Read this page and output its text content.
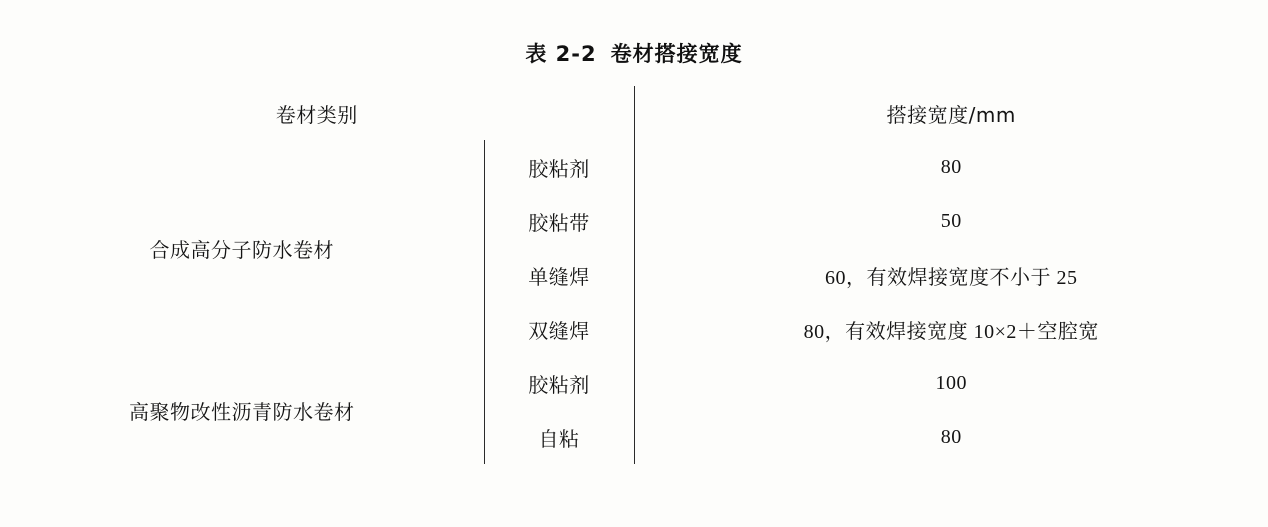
表 2-2 卷材搭接宽度
卷材类别		搭接宽度/mm
合成高分子防水卷材	胶粘剂	80
	胶粘带	50
	单缝焊	60，有效焊接宽度不小于 25
	双缝焊	80，有效焊接宽度 10×2＋空腔宽
高聚物改性沥青防水卷材	胶粘剂	100
	自粘	80
